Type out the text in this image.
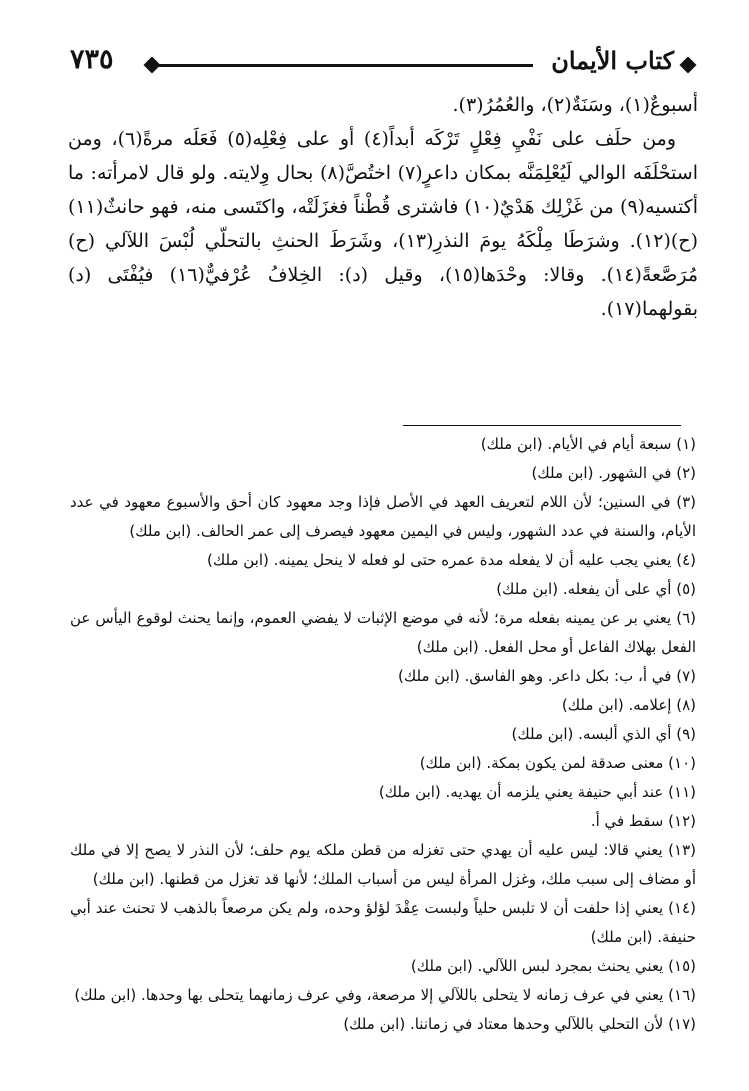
٧٣٥	كتاب الأيمان

أسبوعٌ(١)، وسَنَةٌ(٢)، والعُمُرُ(٣).

ومن حلَف على نَفْيِ فِعْلٍ تَرْكَه أبداً(٤) أو على فِعْلِه(٥) فَعَلَه مرةً(٦)، ومن استحْلَفَه الوالي لَيُعْلِمَنَّه بمكان داعرٍ(٧) اختُصَّ(٨) بحال وِلايته. ولو قال لامرأته: ما أكتسيه(٩) من غَزْلِك هَدْيٌ(١٠) فاشترى قُطْناً فغزَلَتْه، واكتَسى منه، فهو حانثٌ(١١) (ح)(١٢). وشرَطَا مِلْكَهُ يومَ النذرِ(١٣)، وشَرَطَ الحنثِ بالتحلّي لُبْسَ اللآلي (ح) مُرَصَّعةً(١٤). وقالا: وحْدَها(١٥)، وقيل (د): الخِلافُ عُرْفيٌّ(١٦) فيُفْتَى (د) بقولهما(١٧).

(١) سبعة أيام في الأيام. (ابن ملك)
(٢) في الشهور. (ابن ملك)
(٣) في السنين؛ لأن اللام لتعريف العهد في الأصل فإذا وجد معهود كان أحق والأسبوع معهود في عدد الأيام، والسنة في عدد الشهور، وليس في اليمين معهود فيصرف إلى عمر الحالف. (ابن ملك)
(٤) يعني يجب عليه أن لا يفعله مدة عمره حتى لو فعله لا ينحل يمينه. (ابن ملك)
(٥) أي على أن يفعله. (ابن ملك)
(٦) يعني بر عن يمينه بفعله مرة؛ لأنه في موضع الإثبات لا يفضي العموم، وإنما يحنث لوقوع اليأس عن الفعل بهلاك الفاعل أو محل الفعل. (ابن ملك)
(٧) في أ، ب: بكل داعر. وهو الفاسق. (ابن ملك)
(٨) إعلامه. (ابن ملك)
(٩) أي الذي ألبسه. (ابن ملك)
(١٠) معنى صدقة لمن يكون بمكة. (ابن ملك)
(١١) عند أبي حنيفة يعني يلزمه أن يهديه. (ابن ملك)
(١٢) سقط في أ.
(١٣) يعني قالا: ليس عليه أن يهدي حتى تغزله من قطن ملكه يوم حلف؛ لأن النذر لا يصح إلا في ملك أو مضاف إلى سبب ملك، وغزل المرأة ليس من أسباب الملك؛ لأنها قد تغزل من قطنها. (ابن ملك)
(١٤) يعني إذا حلفت أن لا تلبس حلياً ولبست عِقْدَ لؤلؤ وحده، ولم يكن مرصعاً بالذهب لا تحنث عند أبي حنيفة. (ابن ملك)
(١٥) يعني يحنث بمجرد لبس اللآلي. (ابن ملك)
(١٦) يعني في عرف زمانه لا يتحلى باللآلي إلا مرصعة، وفي عرف زمانهما يتحلى بها وحدها. (ابن ملك)
(١٧) لأن التحلي باللآلي وحدها معتاد في زماننا. (ابن ملك)
